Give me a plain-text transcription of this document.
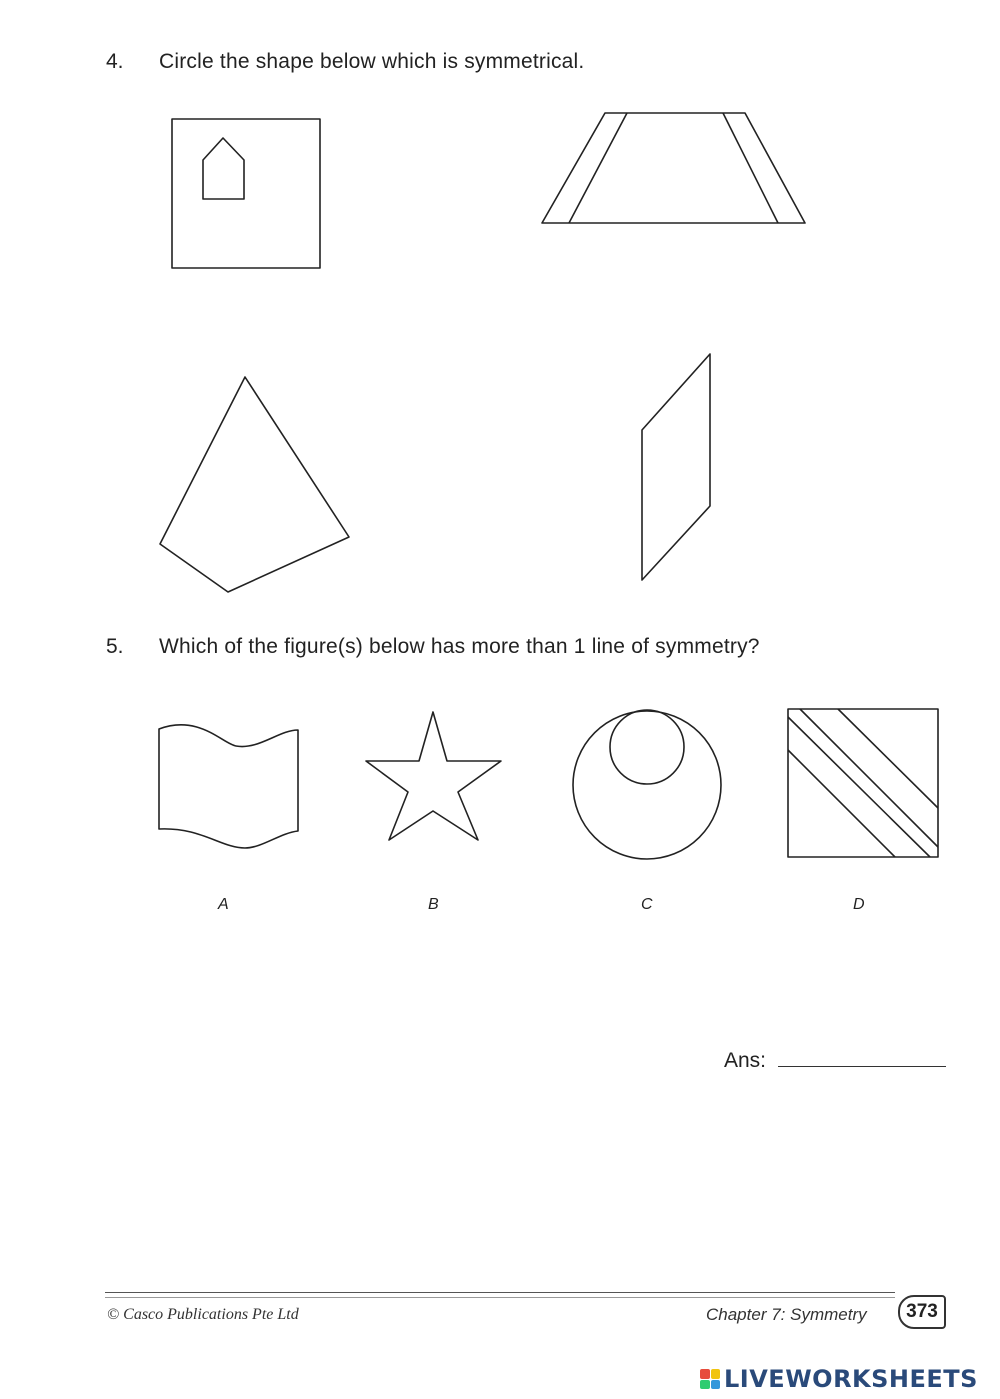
4. Circle the shape below which is symmetrical.
5. Which of the figure(s) below has more than 1 line of symmetry?
A	B	C	D
Ans:
© Casco Publications Pte Ltd	Chapter 7: Symmetry	373
LIVEWORKSHEETS
